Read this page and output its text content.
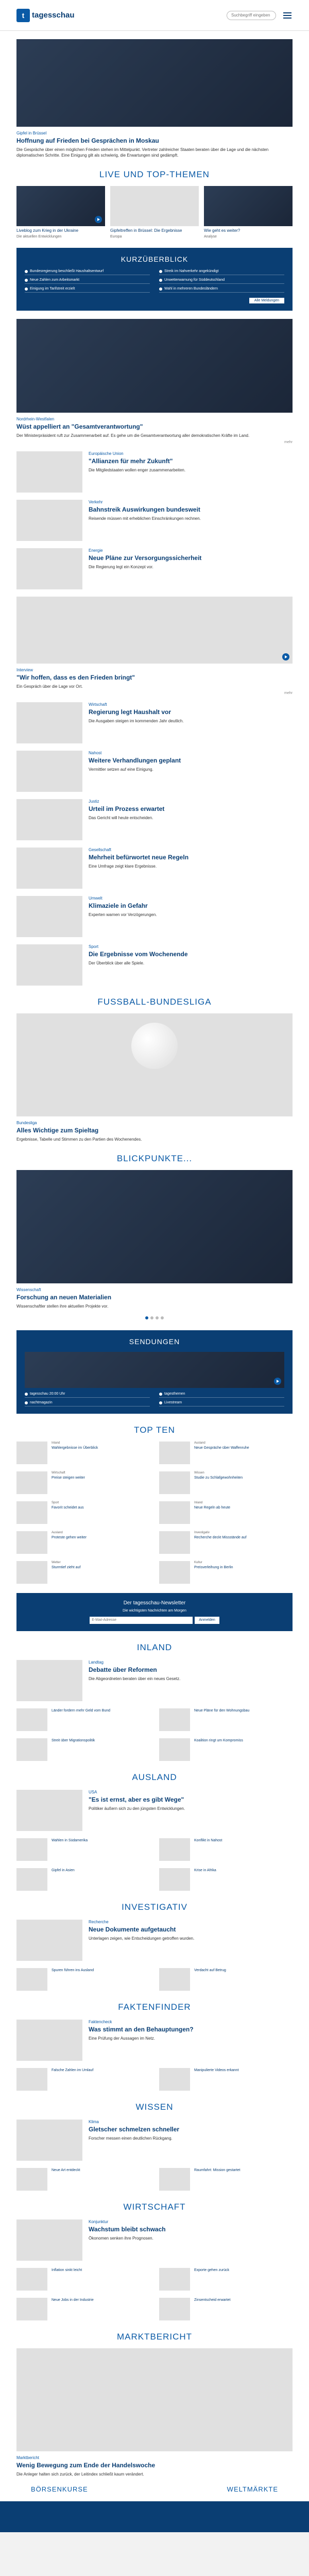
t tagesschau
Suchbegriff eingeben
Gipfel in Brüssel
Hoffnung auf Frieden bei Gesprächen in Moskau
Die Gespräche über einen möglichen Frieden stehen im Mittelpunkt. Vertreter zahlreicher Staaten beraten über die Lage und die nächsten diplomatischen Schritte. Eine Einigung gilt als schwierig, die Erwartungen sind gedämpft.
LIVE UND TOP-THEMEN
Liveblog zum Krieg in der Ukraine
Die aktuellen Entwicklungen
Gipfeltreffen in Brüssel: Die Ergebnisse
Europa
Wie geht es weiter?
Analyse
KURZÜBERBLICK
Bundesregierung beschließt Haushaltsentwurf	Streik im Nahverkehr angekündigt
Neue Zahlen zum Arbeitsmarkt	Unwetterwarnung für Süddeutschland
Einigung im Tarifstreit erzielt	Wahl in mehreren Bundesländern
Alle Meldungen
Nordrhein-Westfalen
Wüst appelliert an "Gesamtverantwortung"
Der Ministerpräsident ruft zur Zusammenarbeit auf. Es gehe um die Gesamtverantwortung aller demokratischen Kräfte im Land.
mehr
Europäische Union
"Allianzen für mehr Zukunft"
Die Mitgliedstaaten wollen enger zusammenarbeiten.
Verkehr
Bahnstreik Auswirkungen bundesweit
Reisende müssen mit erheblichen Einschränkungen rechnen.
Energie
Neue Pläne zur Versorgungssicherheit
Die Regierung legt ein Konzept vor.
Interview
"Wir hoffen, dass es den Frieden bringt"
Ein Gespräch über die Lage vor Ort.
mehr
Wirtschaft
Regierung legt Haushalt vor
Die Ausgaben steigen im kommenden Jahr deutlich.
Nahost
Weitere Verhandlungen geplant
Vermittler setzen auf eine Einigung.
Justiz
Urteil im Prozess erwartet
Das Gericht will heute entscheiden.
Gesellschaft
Mehrheit befürwortet neue Regeln
Eine Umfrage zeigt klare Ergebnisse.
Umwelt
Klimaziele in Gefahr
Experten warnen vor Verzögerungen.
Sport
Die Ergebnisse vom Wochenende
Der Überblick über alle Spiele.
FUSSBALL-BUNDESLIGA
Bundesliga
Alles Wichtige zum Spieltag
Ergebnisse, Tabelle und Stimmen zu den Partien des Wochenendes.
BLICKPUNKTE...
Wissenschaft
Forschung an neuen Materialien
Wissenschaftler stellen ihre aktuellen Projekte vor.
SENDUNGEN
tagesschau 20:00 Uhr	tagesthemen
nachtmagazin	Livestream
TOP TEN
Inland
Wahlergebnisse im Überblick
Ausland
Neue Gespräche über Waffenruhe
Wirtschaft
Preise steigen weiter
Wissen
Studie zu Schlafgewohnheiten
Sport
Favorit scheidet aus
Inland
Neue Regeln ab heute
Ausland
Proteste gehen weiter
Investigativ
Recherche deckt Missstände auf
Wetter
Sturmtief zieht auf
Kultur
Preisverleihung in Berlin
Der tagesschau-Newsletter
Die wichtigsten Nachrichten am Morgen
E-Mail-Adresse
Anmelden
INLAND
Landtag
Debatte über Reformen
Die Abgeordneten beraten über ein neues Gesetz.
Länder fordern mehr Geld vom Bund	Neue Pläne für den Wohnungsbau
Streit über Migrationspolitik	Koalition ringt um Kompromiss
AUSLAND
USA
"Es ist ernst, aber es gibt Wege"
Politiker äußern sich zu den jüngsten Entwicklungen.
Wahlen in Südamerika	Konflikt in Nahost
Gipfel in Asien	Krise in Afrika
INVESTIGATIV
Recherche
Neue Dokumente aufgetaucht
Unterlagen zeigen, wie Entscheidungen getroffen wurden.
Spuren führen ins Ausland	Verdacht auf Betrug
FAKTENFINDER
Faktencheck
Was stimmt an den Behauptungen?
Eine Prüfung der Aussagen im Netz.
Falsche Zahlen im Umlauf	Manipulierte Videos erkannt
WISSEN
Klima
Gletscher schmelzen schneller
Forscher messen einen deutlichen Rückgang.
Neue Art entdeckt	Raumfahrt: Mission gestartet
WIRTSCHAFT
Konjunktur
Wachstum bleibt schwach
Ökonomen senken ihre Prognosen.
Inflation sinkt leicht	Exporte gehen zurück
Neue Jobs in der Industrie	Zinsentscheid erwartet
MARKTBERICHT
Marktbericht
Wenig Bewegung zum Ende der Handelswoche
Die Anleger halten sich zurück, der Leitindex schließt kaum verändert.
BÖRSENKURSE	WELTMÄRKTE
